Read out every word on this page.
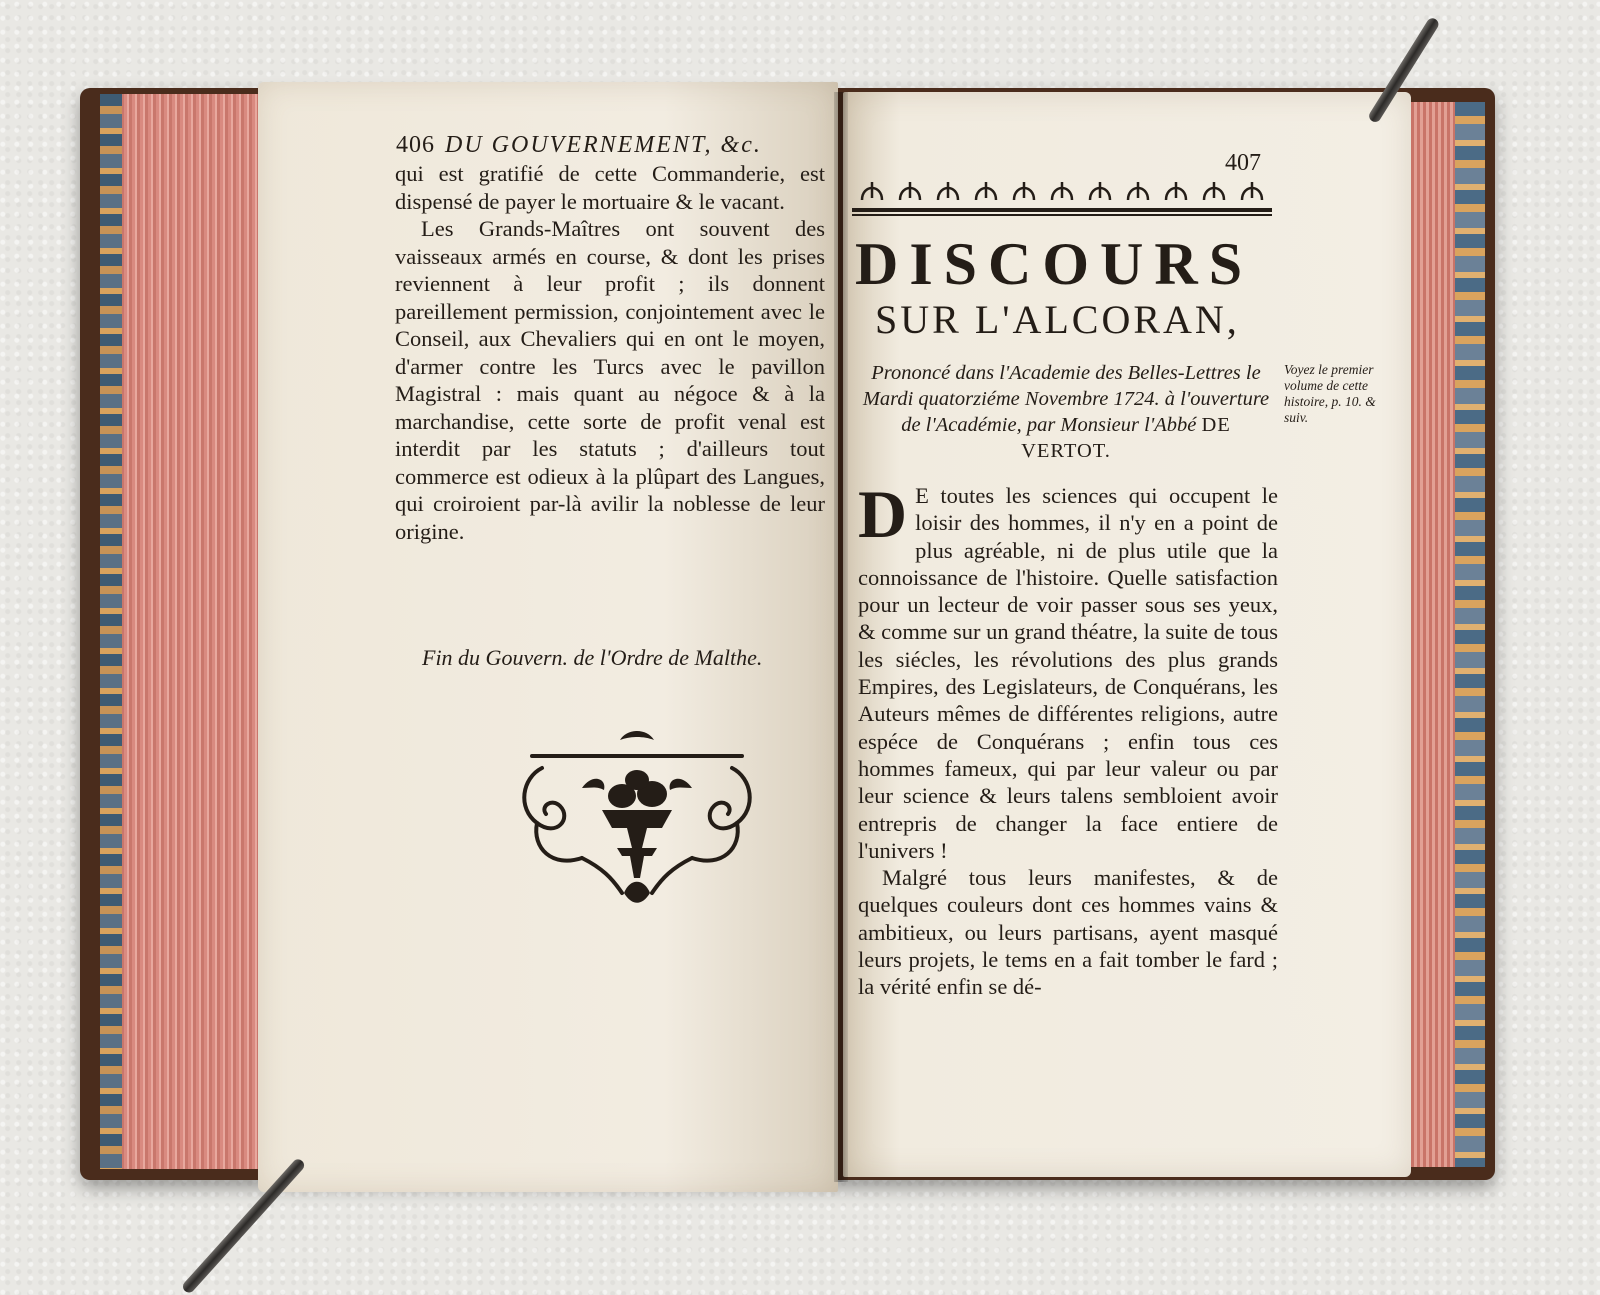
406 DU GOUVERNEMENT, &c.

qui est gratifié de cette Commanderie, est dispensé de payer le mortuaire & le vacant.

Les Grands-Maîtres ont souvent des vaisseaux armés en course, & dont les prises reviennent à leur profit ; ils donnent pareillement permission, conjointement avec le Conseil, aux Chevaliers qui en ont le moyen, d'armer contre les Turcs avec le pavillon Magistral : mais quant au négoce & à la marchandise, cette sorte de profit venal est interdit par les statuts ; d'ailleurs tout commerce est odieux à la plûpart des Langues, qui croiroient par-là avilir la noblesse de leur origine.

Fin du Gouvern. de l'Ordre de Malthe.
407
DISCOURS
SUR L'ALCORAN,
Prononcé dans l'Academie des Belles-Lettres le Mardi quatorziéme Novembre 1724. à l'ouverture de l'Académie, par Monsieur l'Abbé DE VERTOT.
Voyez le premier volume de cette histoire, p. 10. & suiv.

D E toutes les sciences qui occupent le loisir des hommes, il n'y en a point de plus agréable, ni de plus utile que la connoissance de l'histoire. Quelle satisfaction pour un lecteur de voir passer sous ses yeux, & comme sur un grand théatre, la suite de tous les siécles, les révolutions des plus grands Empires, des Legislateurs, de Conquérans, les Auteurs mêmes de différentes religions, autre espéce de Conquérans ; enfin tous ces hommes fameux, qui par leur valeur ou par leur science & leurs talens sembloient avoir entrepris de changer la face entiere de l'univers !

Malgré tous leurs manifestes, & de quelques couleurs dont ces hommes vains & ambitieux, ou leurs partisans, ayent masqué leurs projets, le tems en a fait tomber le fard ; la vérité enfin se dé-
